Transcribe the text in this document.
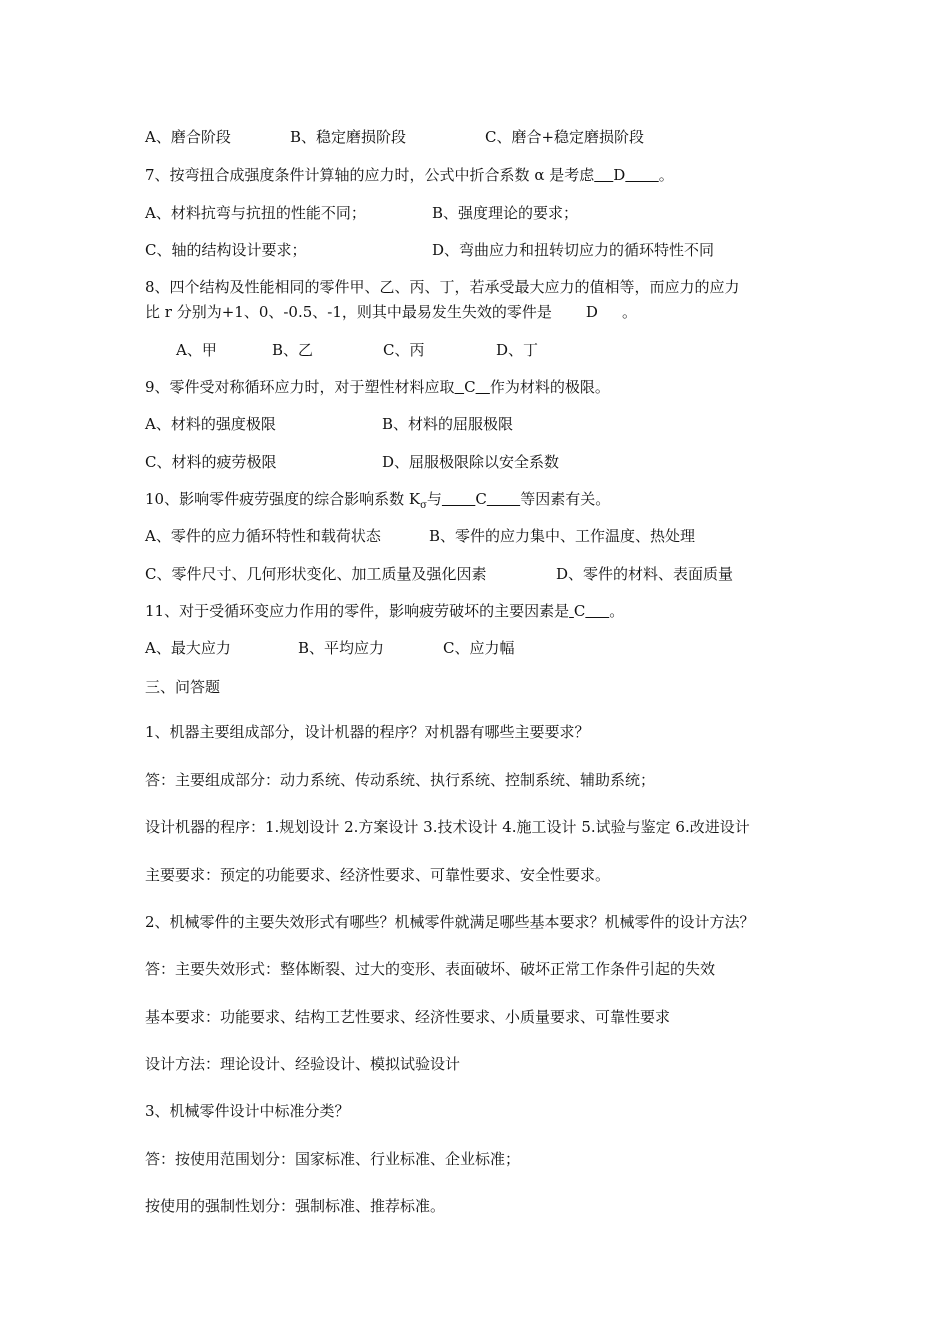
A、磨合阶段	B、稳定磨损阶段	C、磨合+稳定磨损阶段
7、按弯扭合成强度条件计算轴的应力时，公式中折合系数 α 是考虑 D 。
A、材料抗弯与抗扭的性能不同；	B、强度理论的要求；
C、轴的结构设计要求；	D、弯曲应力和扭转切应力的循环特性不同
8、四个结构及性能相同的零件甲、乙、丙、丁，若承受最大应力的值相等，而应力的应力
比 r 分别为+1、0、-0.5、-1，则其中最易发生失效的零件是 D 。
A、甲	B、乙	C、丙	D、丁
9、零件受对称循环应力时，对于塑性材料应取 C 作为材料的极限。
A、材料的强度极限	B、材料的屈服极限
C、材料的疲劳极限	D、屈服极限除以安全系数
10、影响零件疲劳强度的综合影响系数 $K_\sigma$与 C 等因素有关。
A、零件的应力循环特性和载荷状态	B、零件的应力集中、工作温度、热处理
C、零件尺寸、几何形状变化、加工质量及强化因素	D、零件的材料、表面质量
11、对于受循环变应力作用的零件，影响疲劳破坏的主要因素是 C 。
A、最大应力	B、平均应力	C、应力幅
三、问答题
1、机器主要组成部分，设计机器的程序？对机器有哪些主要要求？
答：主要组成部分：动力系统、传动系统、执行系统、控制系统、辅助系统；
设计机器的程序：1.规划设计 2.方案设计 3.技术设计 4.施工设计 5.试验与鉴定 6.改进设计
主要要求：预定的功能要求、经济性要求、可靠性要求、安全性要求。
2、机械零件的主要失效形式有哪些？机械零件就满足哪些基本要求？机械零件的设计方法？
答：主要失效形式：整体断裂、过大的变形、表面破坏、破坏正常工作条件引起的失效
基本要求：功能要求、结构工艺性要求、经济性要求、小质量要求、可靠性要求
设计方法：理论设计、经验设计、模拟试验设计
3、机械零件设计中标准分类？
答：按使用范围划分：国家标准、行业标准、企业标准；
按使用的强制性划分：强制标准、推荐标准。
